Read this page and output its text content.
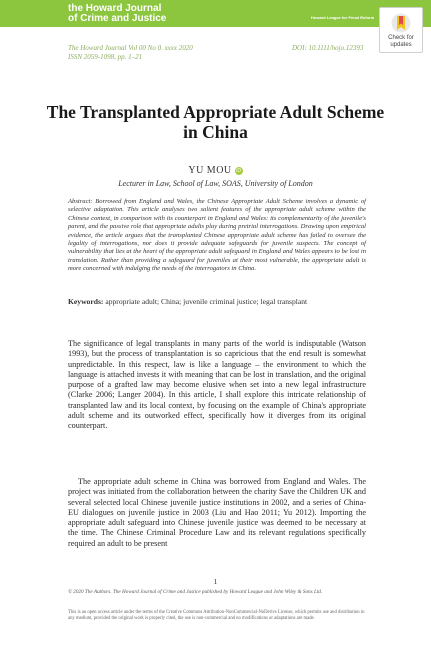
the Howard Journal
of Crime and Justice	Howard League for Penal Reform
Check for
updates
The Howard Journal Vol 00 No 0. xxxx 2020
ISSN 2059-1098, pp. 1–21
DOI: 10.1111/hojo.12393
The Transplanted Appropriate Adult Scheme in China
YU MOU iD
Lecturer in Law, School of Law, SOAS, University of London

Abstract: Borrowed from England and Wales, the Chinese Appropriate Adult Scheme involves a dynamic of selective adaptation. This article analyses two salient features of the appropriate adult scheme within the Chinese context, in comparison with its counterpart in England and Wales: its complementarity of the juvenile's parent, and the passive role that appropriate adults play during pretrial interrogations. Drawing upon empirical evidence, the article argues that the transplanted Chinese appropriate adult scheme has failed to oversee the legality of interrogations, nor does it provide adequate safeguards for juvenile suspects. The concept of vulnerability that lies at the heart of the appropriate adult safeguard in England and Wales appears to be lost in translation. Rather than providing a safeguard for juveniles at their most vulnerable, the appropriate adult is more concerned with indulging the needs of the interrogators in China.

Keywords: appropriate adult; China; juvenile criminal justice; legal transplant

The significance of legal transplants in many parts of the world is indisputable (Watson 1993), but the process of transplantation is so capricious that the end result is somewhat unpredictable. In this respect, law is like a language – the environment to which the language is attached invests it with meaning that can be lost in translation, and the original purpose of a grafted law may become elusive when set into a new legal infrastructure (Clarke 2006; Langer 2004). In this article, I shall explore this intricate relationship of transplanted law and its local context, by focusing on the example of China's appropriate adult scheme and its outworked effect, specifically how it diverges from its original counterpart.

The appropriate adult scheme in China was borrowed from England and Wales. The project was initiated from the collaboration between the charity Save the Children UK and several selected local Chinese juvenile justice institutions in 2002, and a series of China-EU dialogues on juvenile justice in 2003 (Liu and Hao 2011; Yu 2012). Importing the appropriate adult safeguard into Chinese juvenile justice was deemed to be necessary at the time. The Chinese Criminal Procedure Law and its relevant regulations specifically required an adult to be present

1

© 2020 The Authors. The Howard Journal of Crime and Justice published by Howard League and John Wiley & Sons Ltd.

This is an open access article under the terms of the Creative Commons Attribution-NonCommercial-NoDerivs License, which permits use and distribution in any medium, provided the original work is properly cited, the use is non-commercial and no modifications or adaptations are made.
